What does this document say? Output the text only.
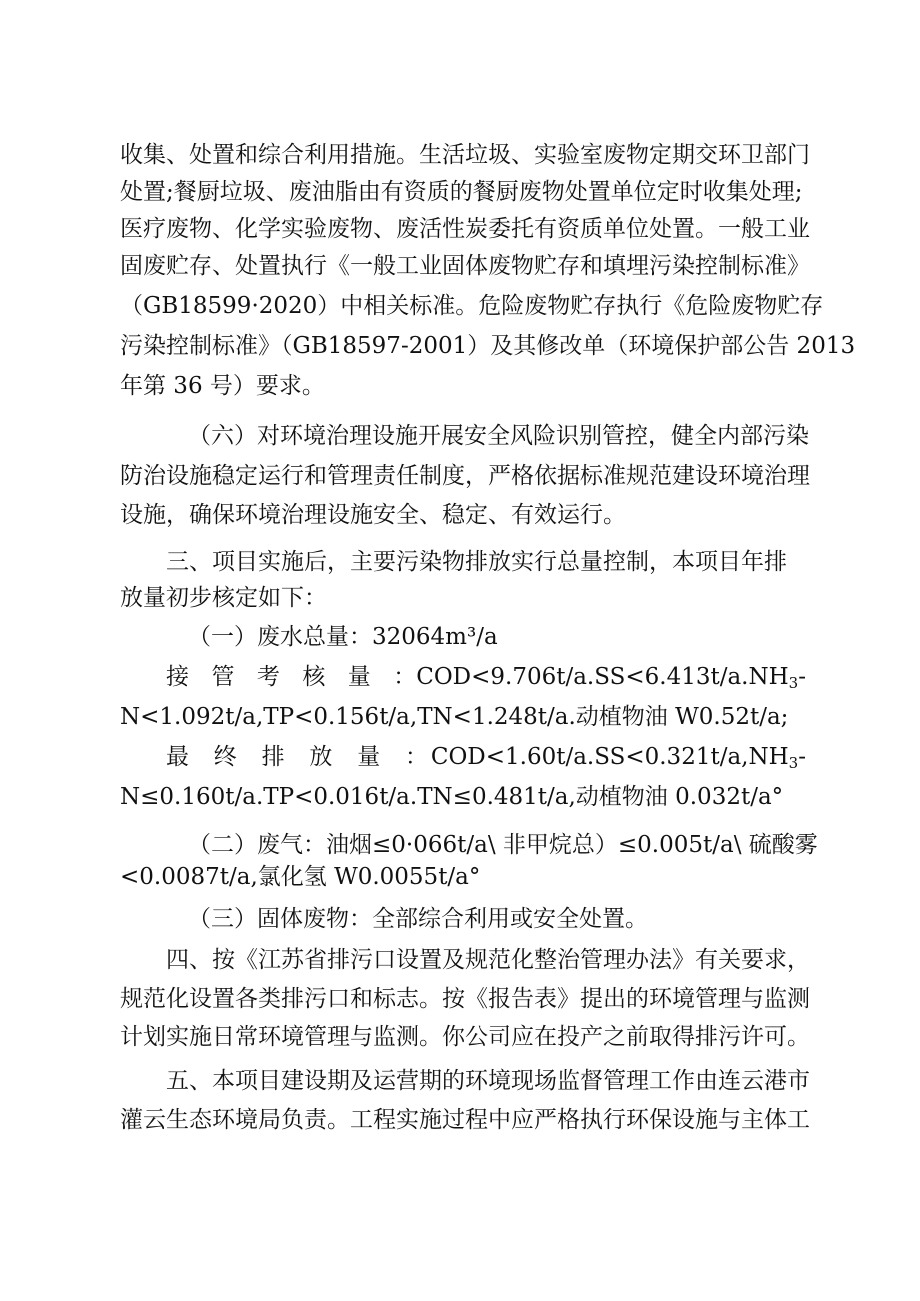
收集、处置和综合利用措施。生活垃圾、实验室废物定期交环卫部门
处置;餐厨垃圾、废油脂由有资质的餐厨废物处置单位定时收集处理;
医疗废物、化学实验废物、废活性炭委托有资质单位处置。一般工业
固废贮存、处置执行《一般工业固体废物贮存和填埋污染控制标准》
（GB18599·2020）中相关标准。危险废物贮存执行《危险废物贮存
污染控制标准》（GB18597-2001）及其修改单（环境保护部公告 2013
年第 36 号）要求。
（六）对环境治理设施开展安全风险识别管控，健全内部污染
防治设施稳定运行和管理责任制度，严格依据标准规范建设环境治理
设施，确保环境治理设施安全、稳定、有效运行。
三、项目实施后，主要污染物排放实行总量控制，本项目年排
放量初步核定如下：
（一）废水总量：32064m³/a
接 管 考 核 量 ： $COD<9.706t/a.SS<6.413t/a.NH_3-$
N<1.092t/a,TP<0.156t/a,TN<1.248t/a.动植物油 W0.52t/a;
最 终 排 放 量 ： $COD<1.60t/a.SS<0.321t/a,NH_3-$
N≤0.160t/a.TP<0.016t/a.TN≤0.481t/a,动植物油 0.032t/a°
（二）废气：油烟≤0·066t/a\ 非甲烷总）≤0.005t/a\ 硫酸雾
<0.0087t/a,氯化氢 W0.0055t/a°
（三）固体废物：全部综合利用或安全处置。
四、按《江苏省排污口设置及规范化整治管理办法》有关要求，
规范化设置各类排污口和标志。按《报告表》提出的环境管理与监测
计划实施日常环境管理与监测。你公司应在投产之前取得排污许可。
五、本项目建设期及运营期的环境现场监督管理工作由连云港市
灌云生态环境局负责。工程实施过程中应严格执行环保设施与主体工
